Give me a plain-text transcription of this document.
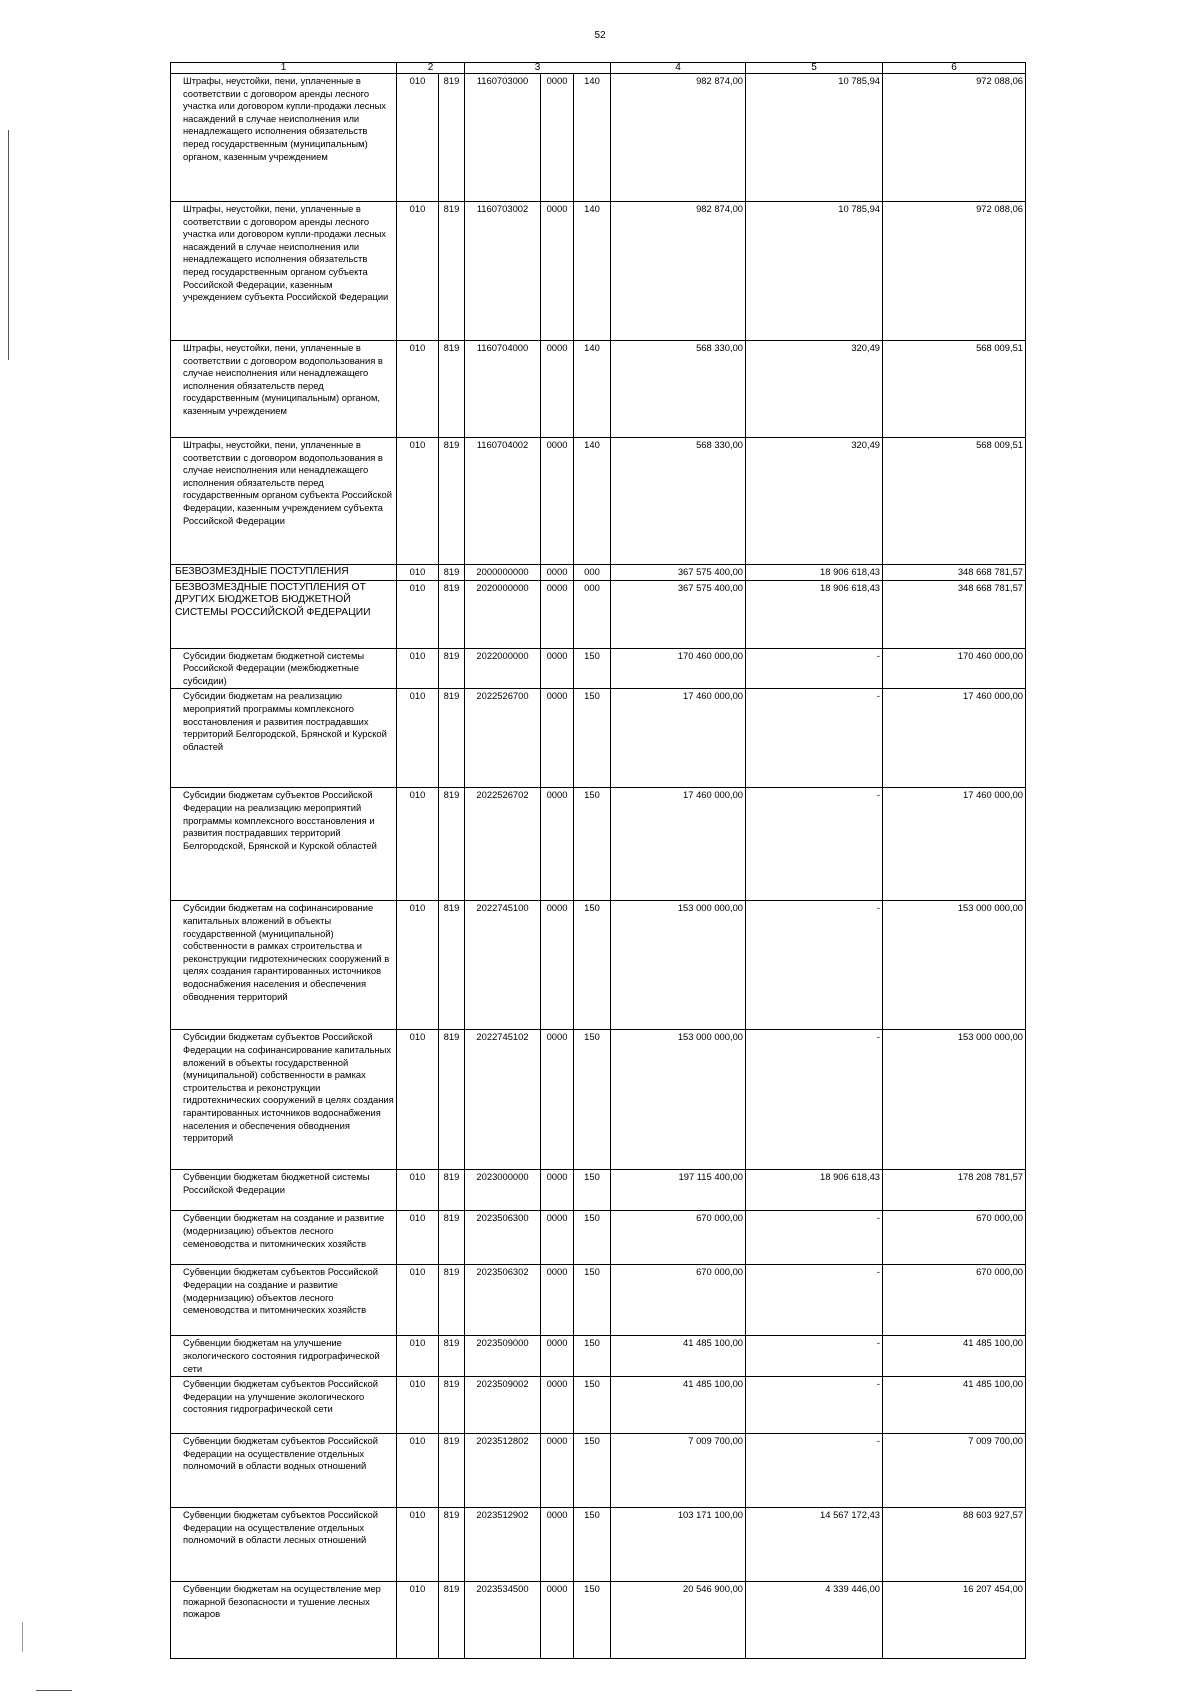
52
1	2		3			4	5	6
Штрафы, неустойки, пени, уплаченные в соответствии с договором аренды лесного участка или договором купли-продажи лесных насаждений в случае неисполнения или ненадлежащего исполнения обязательств перед государственным (муниципальным) органом, казенным учреждением	010	819	1160703000	0000	140	982 874,00	10 785,94	972 088,06
Штрафы, неустойки, пени, уплаченные в соответствии с договором аренды лесного участка или договором купли-продажи лесных насаждений в случае неисполнения или ненадлежащего исполнения обязательств перед государственным органом субъекта Российской Федерации, казенным учреждением субъекта Российской Федерации	010	819	1160703002	0000	140	982 874,00	10 785,94	972 088,06
Штрафы, неустойки, пени, уплаченные в соответствии с договором водопользования в случае неисполнения или ненадлежащего исполнения обязательств перед государственным (муниципальным) органом, казенным учреждением	010	819	1160704000	0000	140	568 330,00	320,49	568 009,51
Штрафы, неустойки, пени, уплаченные в соответствии с договором водопользования в случае неисполнения или ненадлежащего исполнения обязательств перед государственным органом субъекта Российской Федерации, казенным учреждением субъекта Российской Федерации	010	819	1160704002	0000	140	568 330,00	320,49	568 009,51
БЕЗВОЗМЕЗДНЫЕ ПОСТУПЛЕНИЯ	010	819	2000000000	0000	000	367 575 400,00	18 906 618,43	348 668 781,57
БЕЗВОЗМЕЗДНЫЕ ПОСТУПЛЕНИЯ ОТ ДРУГИХ БЮДЖЕТОВ БЮДЖЕТНОЙ СИСТЕМЫ РОССИЙСКОЙ ФЕДЕРАЦИИ	010	819	2020000000	0000	000	367 575 400,00	18 906 618,43	348 668 781,57
Субсидии бюджетам бюджетной системы Российской Федерации (межбюджетные субсидии)	010	819	2022000000	0000	150	170 460 000,00	-	170 460 000,00
Субсидии бюджетам на реализацию мероприятий программы комплексного восстановления и развития пострадавших территорий Белгородской, Брянской и Курской областей	010	819	2022526700	0000	150	17 460 000,00	-	17 460 000,00
Субсидии бюджетам субъектов Российской Федерации на реализацию мероприятий программы комплексного восстановления и развития пострадавших территорий Белгородской, Брянской и Курской областей	010	819	2022526702	0000	150	17 460 000,00	-	17 460 000,00
Субсидии бюджетам на софинансирование капитальных вложений в объекты государственной (муниципальной) собственности в рамках строительства и реконструкции гидротехнических сооружений в целях создания гарантированных источников водоснабжения населения и обеспечения обводнения территорий	010	819	2022745100	0000	150	153 000 000,00	-	153 000 000,00
Субсидии бюджетам субъектов Российской Федерации на софинансирование капитальных вложений в объекты государственной (муниципальной) собственности в рамках строительства и реконструкции гидротехнических сооружений в целях создания гарантированных источников водоснабжения населения и обеспечения обводнения территорий	010	819	2022745102	0000	150	153 000 000,00	-	153 000 000,00
Субвенции бюджетам бюджетной системы Российской Федерации	010	819	2023000000	0000	150	197 115 400,00	18 906 618,43	178 208 781,57
Субвенции бюджетам на создание и развитие (модернизацию) объектов лесного семеноводства и питомнических хозяйств	010	819	2023506300	0000	150	670 000,00	-	670 000,00
Субвенции бюджетам субъектов Российской Федерации на создание и развитие (модернизацию) объектов лесного семеноводства и питомнических хозяйств	010	819	2023506302	0000	150	670 000,00	-	670 000,00
Субвенции бюджетам на улучшение экологического состояния гидрографической сети	010	819	2023509000	0000	150	41 485 100,00	-	41 485 100,00
Субвенции бюджетам субъектов Российской Федерации на улучшение экологического состояния гидрографической сети	010	819	2023509002	0000	150	41 485 100,00	-	41 485 100,00
Субвенции бюджетам субъектов Российской Федерации на осуществление отдельных полномочий в области водных отношений	010	819	2023512802	0000	150	7 009 700,00	-	7 009 700,00
Субвенции бюджетам субъектов Российской Федерации на осуществление отдельных полномочий в области лесных отношений	010	819	2023512902	0000	150	103 171 100,00	14 567 172,43	88 603 927,57
Субвенции бюджетам на осуществление мер пожарной безопасности и тушение лесных пожаров	010	819	2023534500	0000	150	20 546 900,00	4 339 446,00	16 207 454,00
